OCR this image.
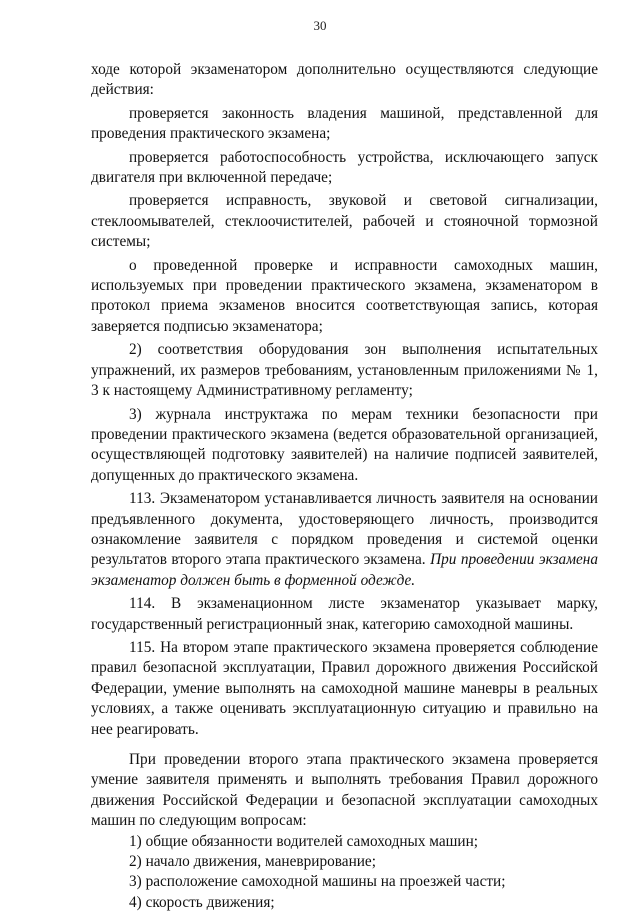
30

ходе которой экзаменатором дополнительно осуществляются следующие действия:

проверяется законность владения машиной, представленной для проведения практического экзамена;

проверяется работоспособность устройства, исключающего запуск двигателя при включенной передаче;

проверяется исправность, звуковой и световой сигнализации, стеклоомывателей, стеклоочистителей, рабочей и стояночной тормозной системы;

о проведенной проверке и исправности самоходных машин, используемых при проведении практического экзамена, экзаменатором в протокол приема экзаменов вносится соответствующая запись, которая заверяется подписью экзаменатора;

2) соответствия оборудования зон выполнения испытательных упражнений, их размеров требованиям, установленным приложениями № 1, 3 к настоящему Административному регламенту;

3) журнала инструктажа по мерам техники безопасности при проведении практического экзамена (ведется образовательной организацией, осуществляющей подготовку заявителей) на наличие подписей заявителей, допущенных до практического экзамена.

113. Экзаменатором устанавливается личность заявителя на основании предъявленного документа, удостоверяющего личность, производится ознакомление заявителя с порядком проведения и системой оценки результатов второго этапа практического экзамена. При проведении экзамена экзаменатор должен быть в форменной одежде.

114. В экзаменационном листе экзаменатор указывает марку, государственный регистрационный знак, категорию самоходной машины.

115. На втором этапе практического экзамена проверяется соблюдение правил безопасной эксплуатации, Правил дорожного движения Российской Федерации, умение выполнять на самоходной машине маневры в реальных условиях, а также оценивать эксплуатационную ситуацию и правильно на нее реагировать.

При проведении второго этапа практического экзамена проверяется умение заявителя применять и выполнять требования Правил дорожного движения Российской Федерации и безопасной эксплуатации самоходных машин по следующим вопросам:

1) общие обязанности водителей самоходных машин;

2) начало движения, маневрирование;

3) расположение самоходной машины на проезжей части;

4) скорость движения;
